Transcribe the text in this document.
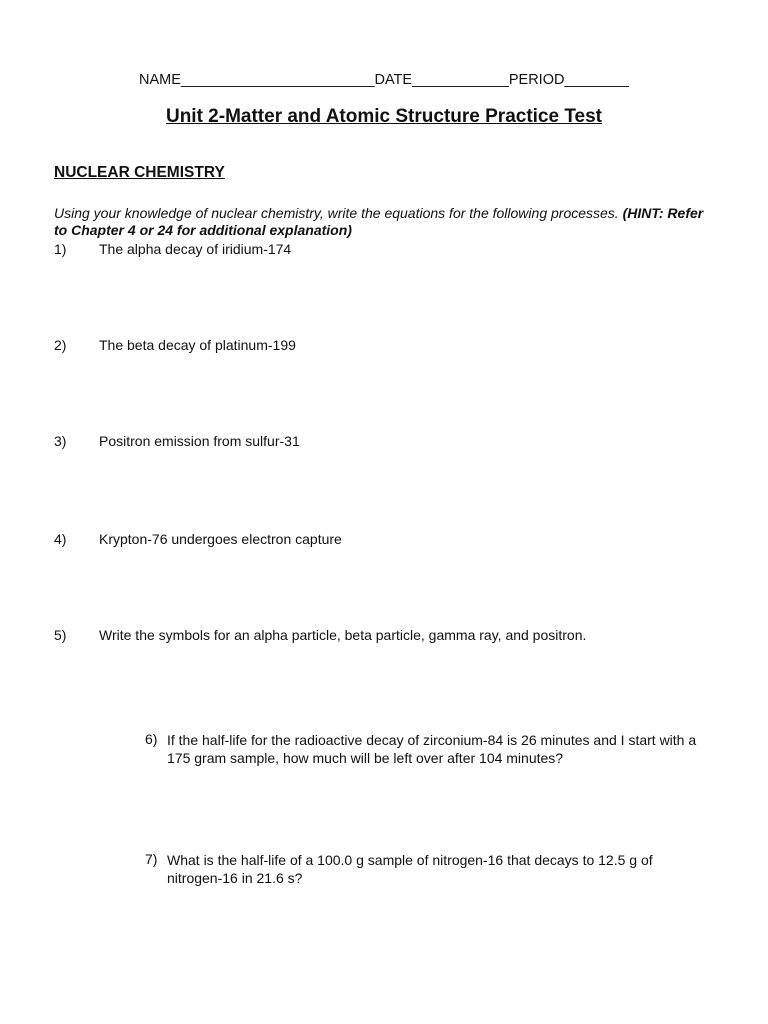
NAME________________________DATE____________PERIOD________
Unit 2-Matter and Atomic Structure Practice Test
NUCLEAR CHEMISTRY
Using your knowledge of nuclear chemistry, write the equations for the following processes. (HINT: Refer to Chapter 4 or 24 for additional explanation)
1) The alpha decay of iridium-174
2) The beta decay of platinum-199
3) Positron emission from sulfur-31
4) Krypton-76 undergoes electron capture
5) Write the symbols for an alpha particle, beta particle, gamma ray, and positron.
6) If the half-life for the radioactive decay of zirconium-84 is 26 minutes and I start with a 175 gram sample, how much will be left over after 104 minutes?
7) What is the half-life of a 100.0 g sample of nitrogen-16 that decays to 12.5 g of nitrogen-16 in 21.6 s?
